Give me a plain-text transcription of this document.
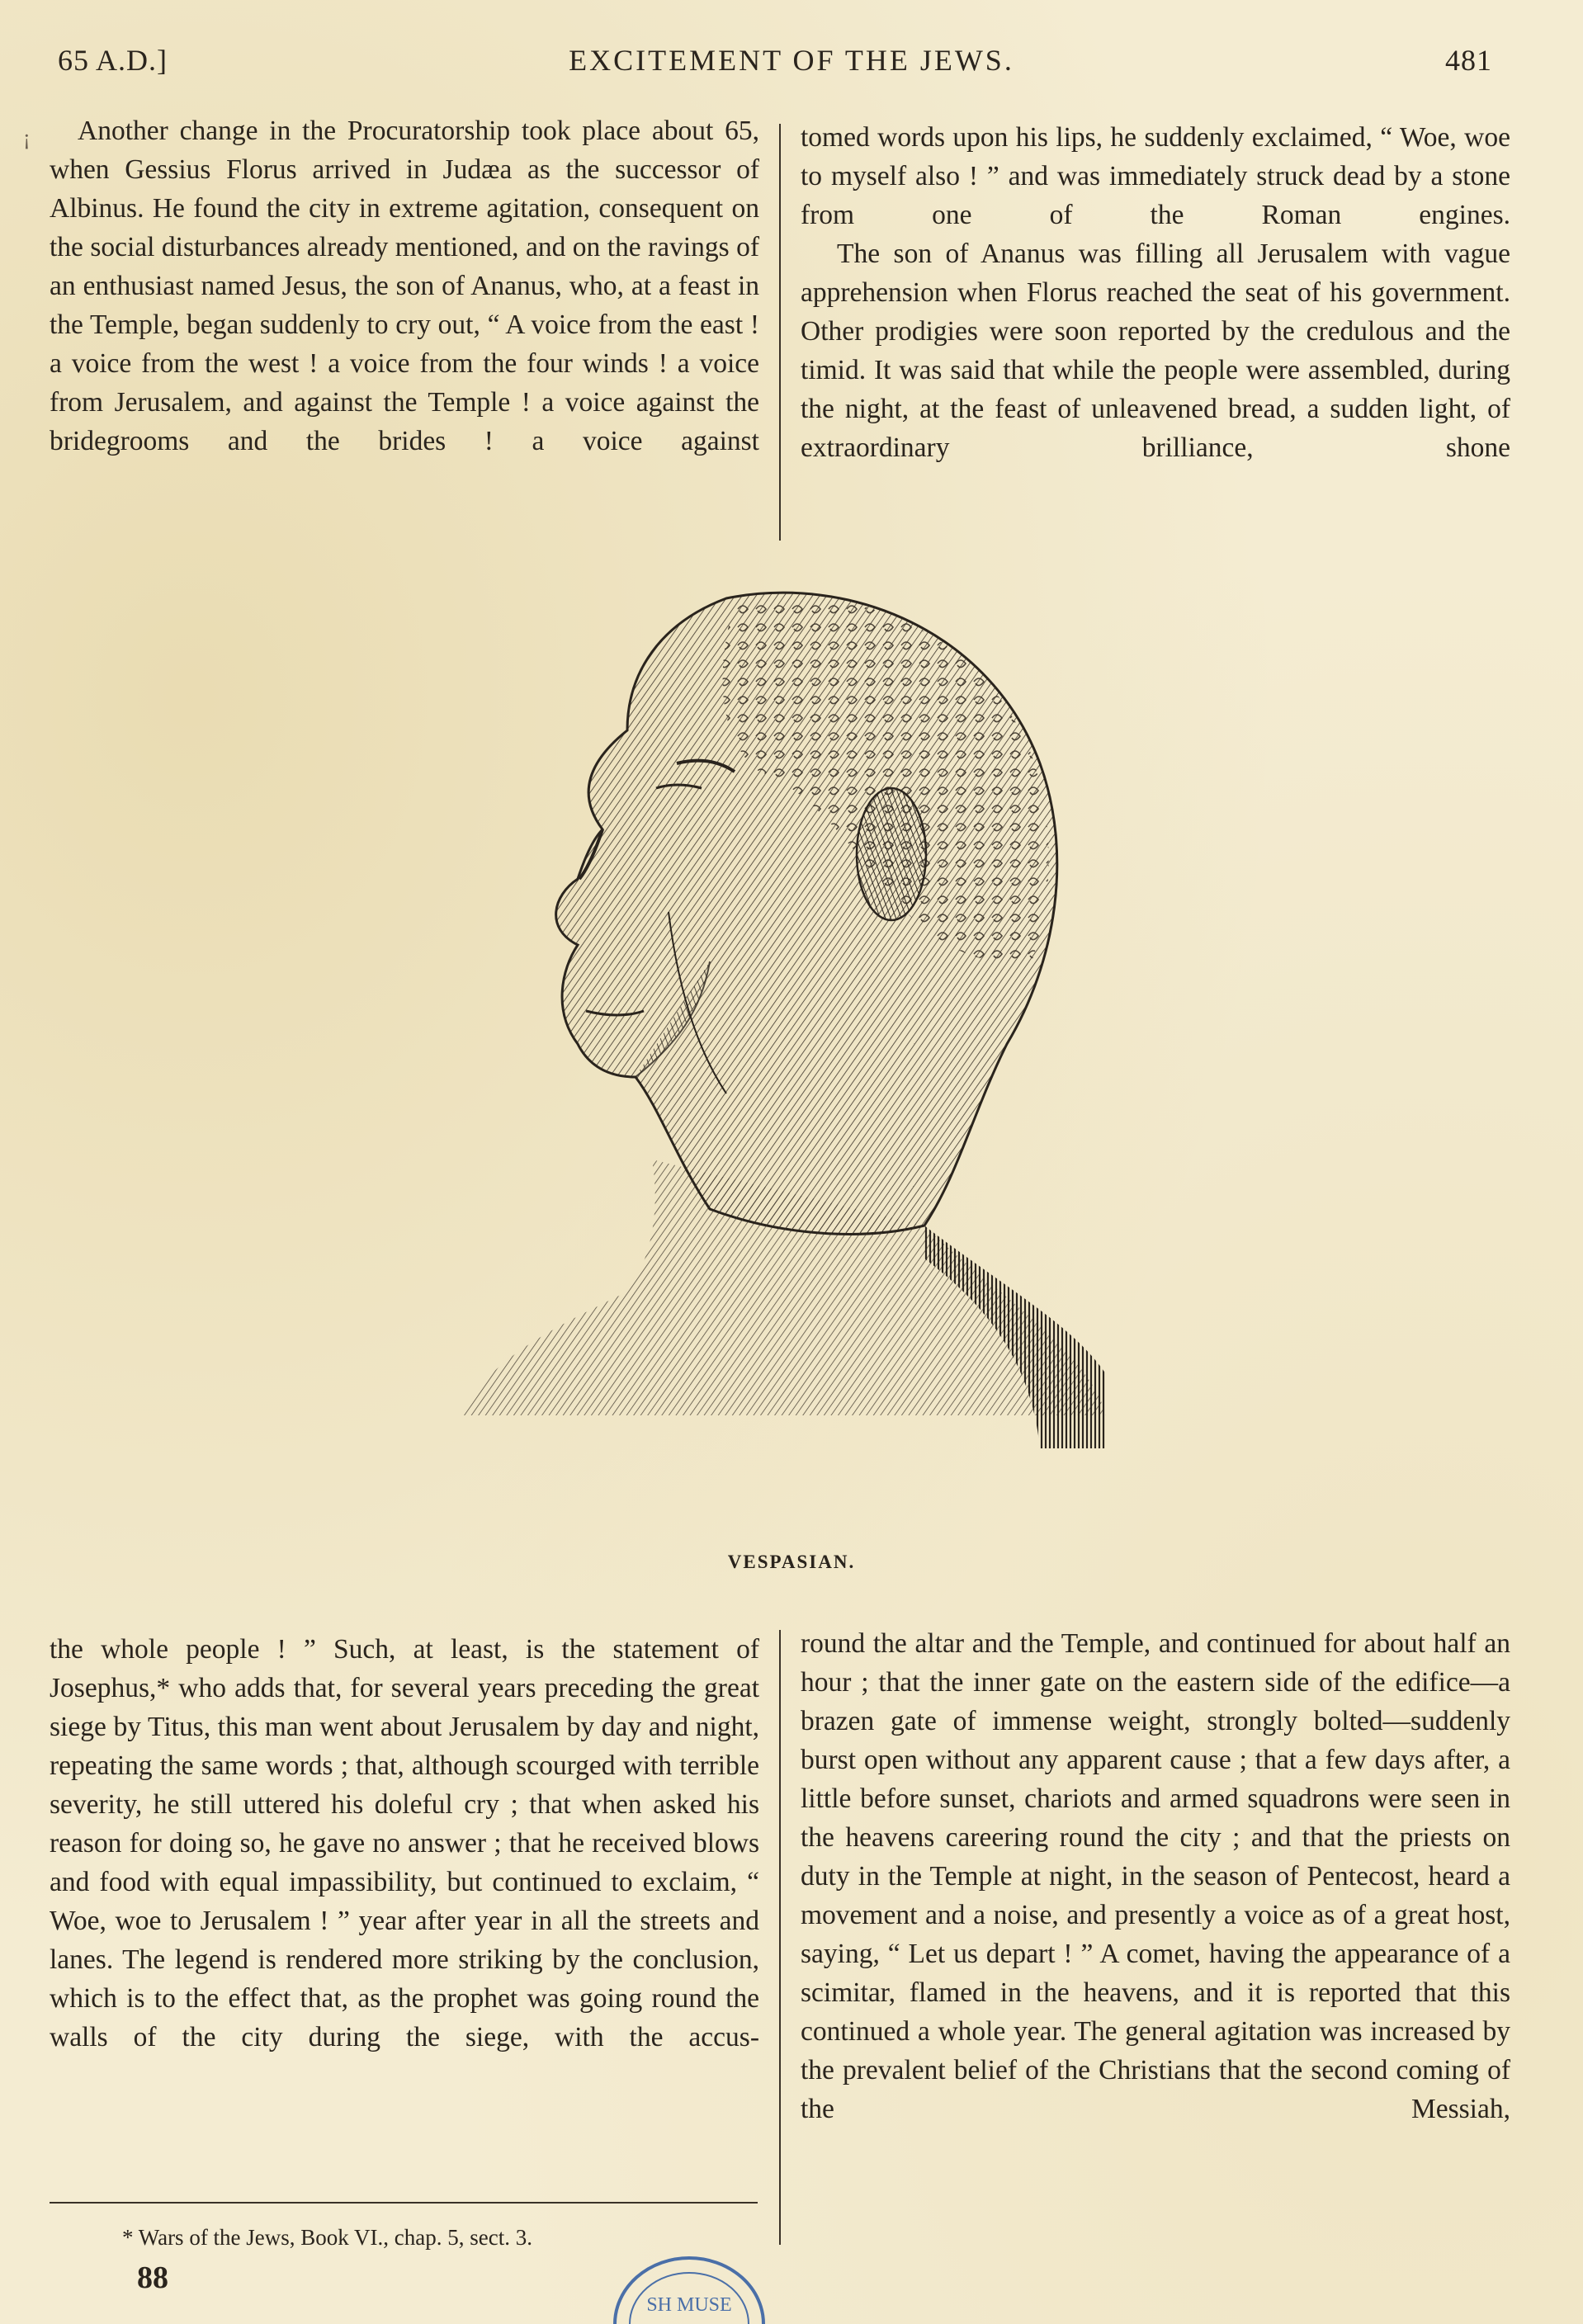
65 A.D.]	EXCITEMENT OF THE JEWS.	481
¡	Another change in the Procuratorship took place about 65, when Gessius Florus arrived in Judæa as the successor of Albinus. He found the city in extreme agitation, consequent on the social disturbances already mentioned, and on the ravings of an enthusiast named Jesus, the son of Ananus, who, at a feast in the Temple, began suddenly to cry out, “ A voice from the east ! a voice from the west ! a voice from the four winds ! a voice from Jerusalem, and against the Temple ! a voice against the bridegrooms and the brides ! a voice against

tomed words upon his lips, he suddenly exclaimed, “ Woe, woe to myself also ! ” and was immediately struck dead by a stone from one of the Roman engines.

The son of Ananus was filling all Jerusalem with vague apprehension when Florus reached the seat of his government. Other prodigies were soon reported by the credulous and the timid. It was said that while the people were assembled, during the night, at the feast of unleavened bread, a sudden light, of extraordinary brilliance, shone

VESPASIAN.

the whole people ! ” Such, at least, is the statement of Josephus,* who adds that, for several years preceding the great siege by Titus, this man went about Jerusalem by day and night, repeating the same words ; that, although scourged with terrible severity, he still uttered his doleful cry ; that when asked his reason for doing so, he gave no answer ; that he received blows and food with equal impassibility, but continued to exclaim, “ Woe, woe to Jerusalem ! ” year after year in all the streets and lanes. The legend is rendered more striking by the conclusion, which is to the effect that, as the prophet was going round the walls of the city during the siege, with the accus-

round the altar and the Temple, and continued for about half an hour ; that the inner gate on the eastern side of the edifice—a brazen gate of immense weight, strongly bolted—suddenly burst open without any apparent cause ; that a few days after, a little before sunset, chariots and armed squadrons were seen in the heavens careering round the city ; and that the priests on duty in the Temple at night, in the season of Pentecost, heard a movement and a noise, and presently a voice as of a great host, saying, “ Let us depart ! ” A comet, having the appearance of a scimitar, flamed in the heavens, and it is reported that this continued a whole year. The general agitation was increased by the prevalent belief of the Christians that the second coming of the Messiah,

* Wars of the Jews, Book VI., chap. 5, sect. 3.
88
SH MUSE
